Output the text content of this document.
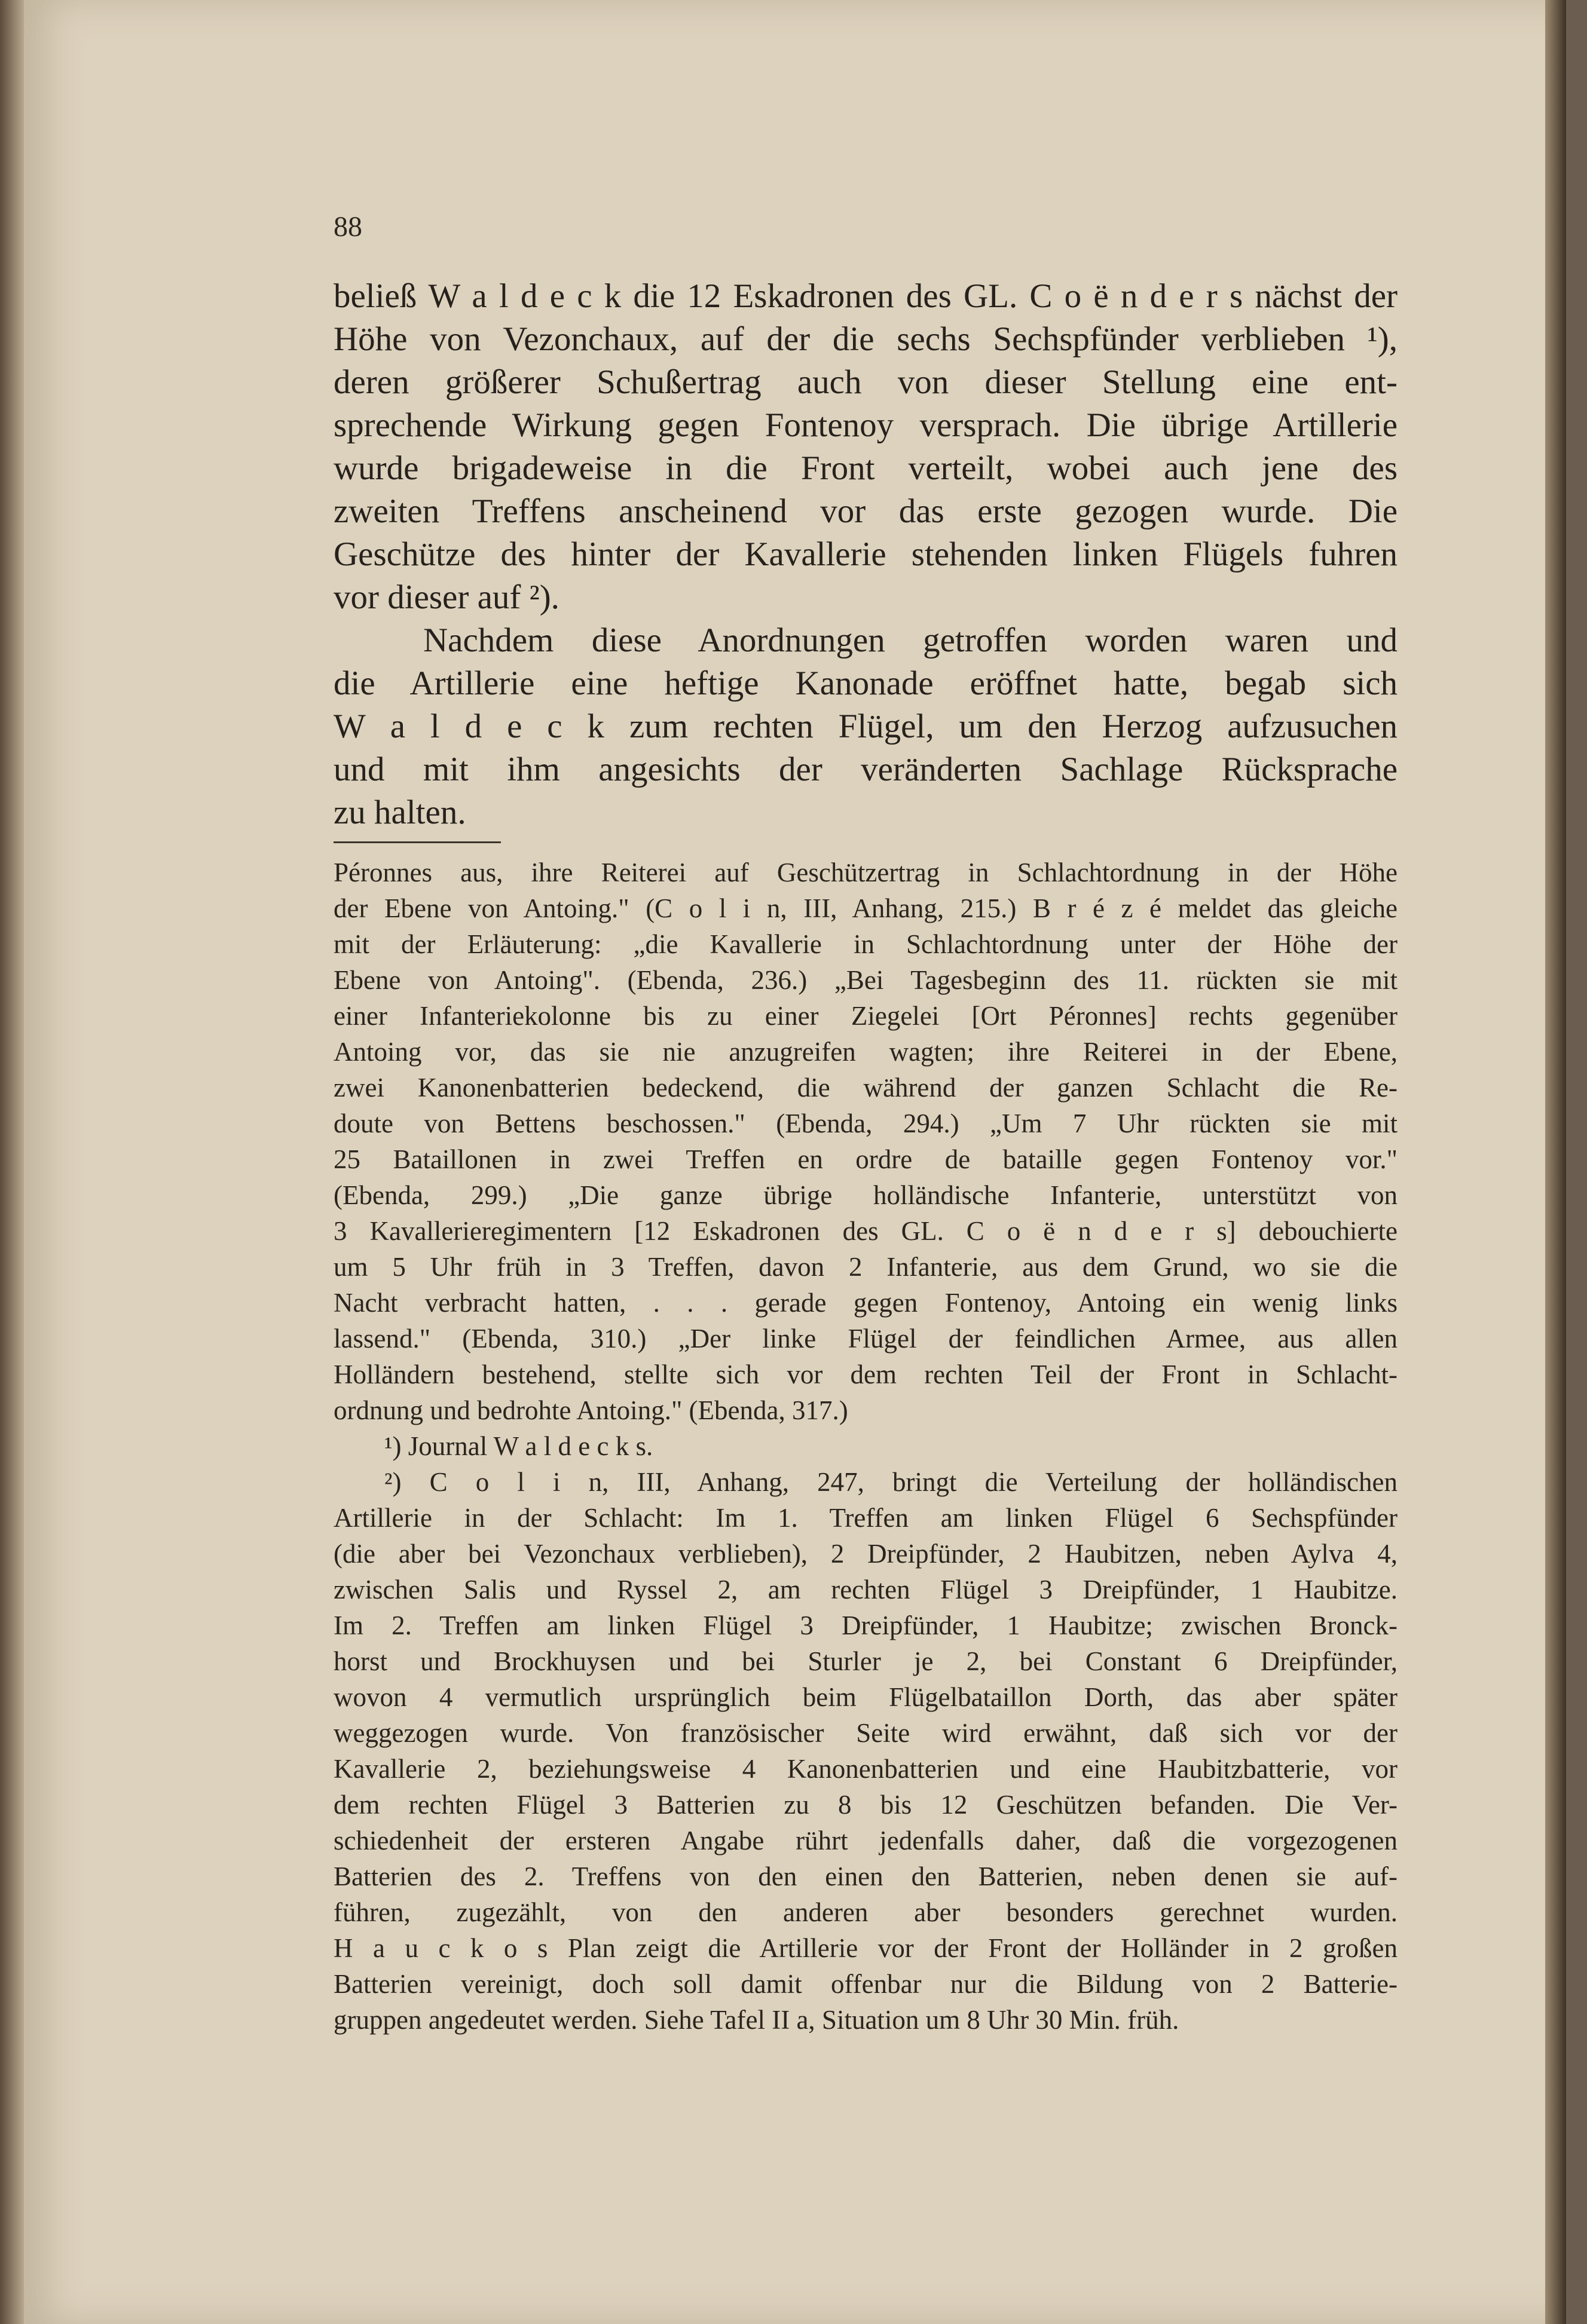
88
beließ W a l d e c k die 12 Eskadronen des GL. C o ë n d e r s nächst der
Höhe von Vezonchaux, auf der die sechs Sechspfünder verblieben ¹),
deren größerer Schußertrag auch von dieser Stellung eine ent-
sprechende Wirkung gegen Fontenoy versprach. Die übrige Artillerie
wurde brigadeweise in die Front verteilt, wobei auch jene des
zweiten Treffens anscheinend vor das erste gezogen wurde. Die
Geschütze des hinter der Kavallerie stehenden linken Flügels fuhren
vor dieser auf ²).
Nachdem diese Anordnungen getroffen worden waren und
die Artillerie eine heftige Kanonade eröffnet hatte, begab sich
W a l d e c k zum rechten Flügel, um den Herzog aufzusuchen
und mit ihm angesichts der veränderten Sachlage Rücksprache
zu halten.
Péronnes aus, ihre Reiterei auf Geschützertrag in Schlachtordnung in der Höhe
der Ebene von Antoing." (C o l i n, III, Anhang, 215.) B r é z é meldet das gleiche
mit der Erläuterung: „die Kavallerie in Schlachtordnung unter der Höhe der
Ebene von Antoing". (Ebenda, 236.) „Bei Tagesbeginn des 11. rückten sie mit
einer Infanteriekolonne bis zu einer Ziegelei [Ort Péronnes] rechts gegenüber
Antoing vor, das sie nie anzugreifen wagten; ihre Reiterei in der Ebene,
zwei Kanonenbatterien bedeckend, die während der ganzen Schlacht die Re-
doute von Bettens beschossen." (Ebenda, 294.) „Um 7 Uhr rückten sie mit
25 Bataillonen in zwei Treffen en ordre de bataille gegen Fontenoy vor."
(Ebenda, 299.) „Die ganze übrige holländische Infanterie, unterstützt von
3 Kavallerieregimentern [12 Eskadronen des GL. C o ë n d e r s] debouchierte
um 5 Uhr früh in 3 Treffen, davon 2 Infanterie, aus dem Grund, wo sie die
Nacht verbracht hatten, . . . gerade gegen Fontenoy, Antoing ein wenig links
lassend." (Ebenda, 310.) „Der linke Flügel der feindlichen Armee, aus allen
Holländern bestehend, stellte sich vor dem rechten Teil der Front in Schlacht-
ordnung und bedrohte Antoing." (Ebenda, 317.)
¹) Journal W a l d e c k s.
²) C o l i n, III, Anhang, 247, bringt die Verteilung der holländischen
Artillerie in der Schlacht: Im 1. Treffen am linken Flügel 6 Sechspfünder
(die aber bei Vezonchaux verblieben), 2 Dreipfünder, 2 Haubitzen, neben Aylva 4,
zwischen Salis und Ryssel 2, am rechten Flügel 3 Dreipfünder, 1 Haubitze.
Im 2. Treffen am linken Flügel 3 Dreipfünder, 1 Haubitze; zwischen Bronck-
horst und Brockhuysen und bei Sturler je 2, bei Constant 6 Dreipfünder,
wovon 4 vermutlich ursprünglich beim Flügelbataillon Dorth, das aber später
weggezogen wurde. Von französischer Seite wird erwähnt, daß sich vor der
Kavallerie 2, beziehungsweise 4 Kanonenbatterien und eine Haubitzbatterie, vor
dem rechten Flügel 3 Batterien zu 8 bis 12 Geschützen befanden. Die Ver-
schiedenheit der ersteren Angabe rührt jedenfalls daher, daß die vorgezogenen
Batterien des 2. Treffens von den einen den Batterien, neben denen sie auf-
führen, zugezählt, von den anderen aber besonders gerechnet wurden.
H a u c k o s Plan zeigt die Artillerie vor der Front der Holländer in 2 großen
Batterien vereinigt, doch soll damit offenbar nur die Bildung von 2 Batterie-
gruppen angedeutet werden. Siehe Tafel II a, Situation um 8 Uhr 30 Min. früh.
